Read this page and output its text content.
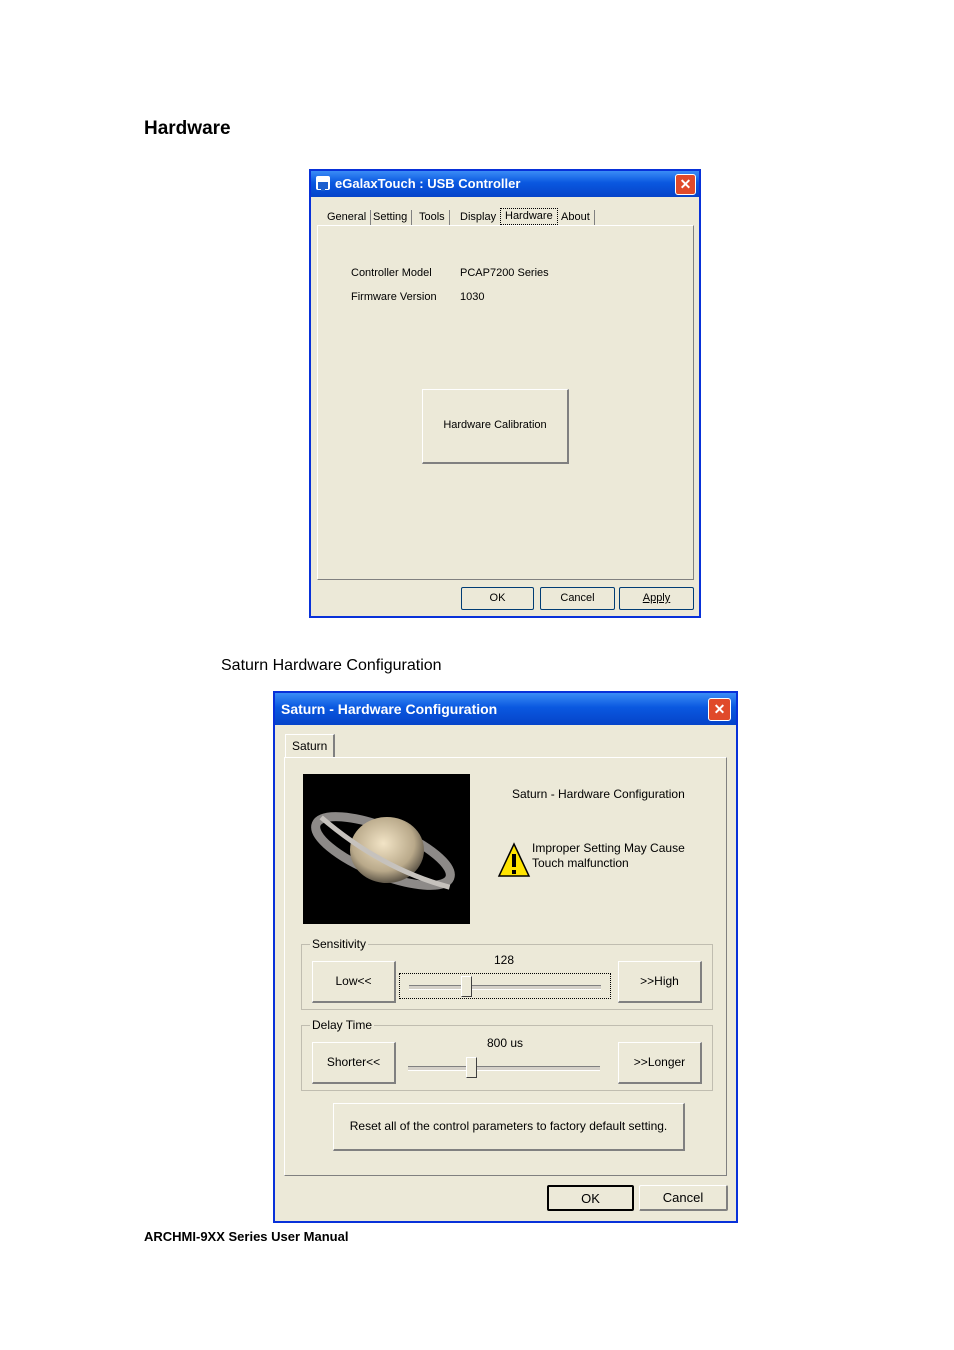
Hardware
eGalaxTouch : USB Controller	✕
General Setting	Tools	Display Hardware About
Controller Model	PCAP7200 Series
Firmware Version 1030
Hardware Calibration
OK	Cancel	Apply
Saturn Hardware Configuration
Saturn - Hardware Configuration	✕
Saturn
Saturn - Hardware Configuration
Improper Setting May Cause
Touch malfunction
Sensitivity
128
Low<<	>>High
Delay Time
800 us
Shorter<<	>>Longer
Reset all of the control parameters to factory default setting.
OK	Cancel
ARCHMI-9XX Series User Manual
